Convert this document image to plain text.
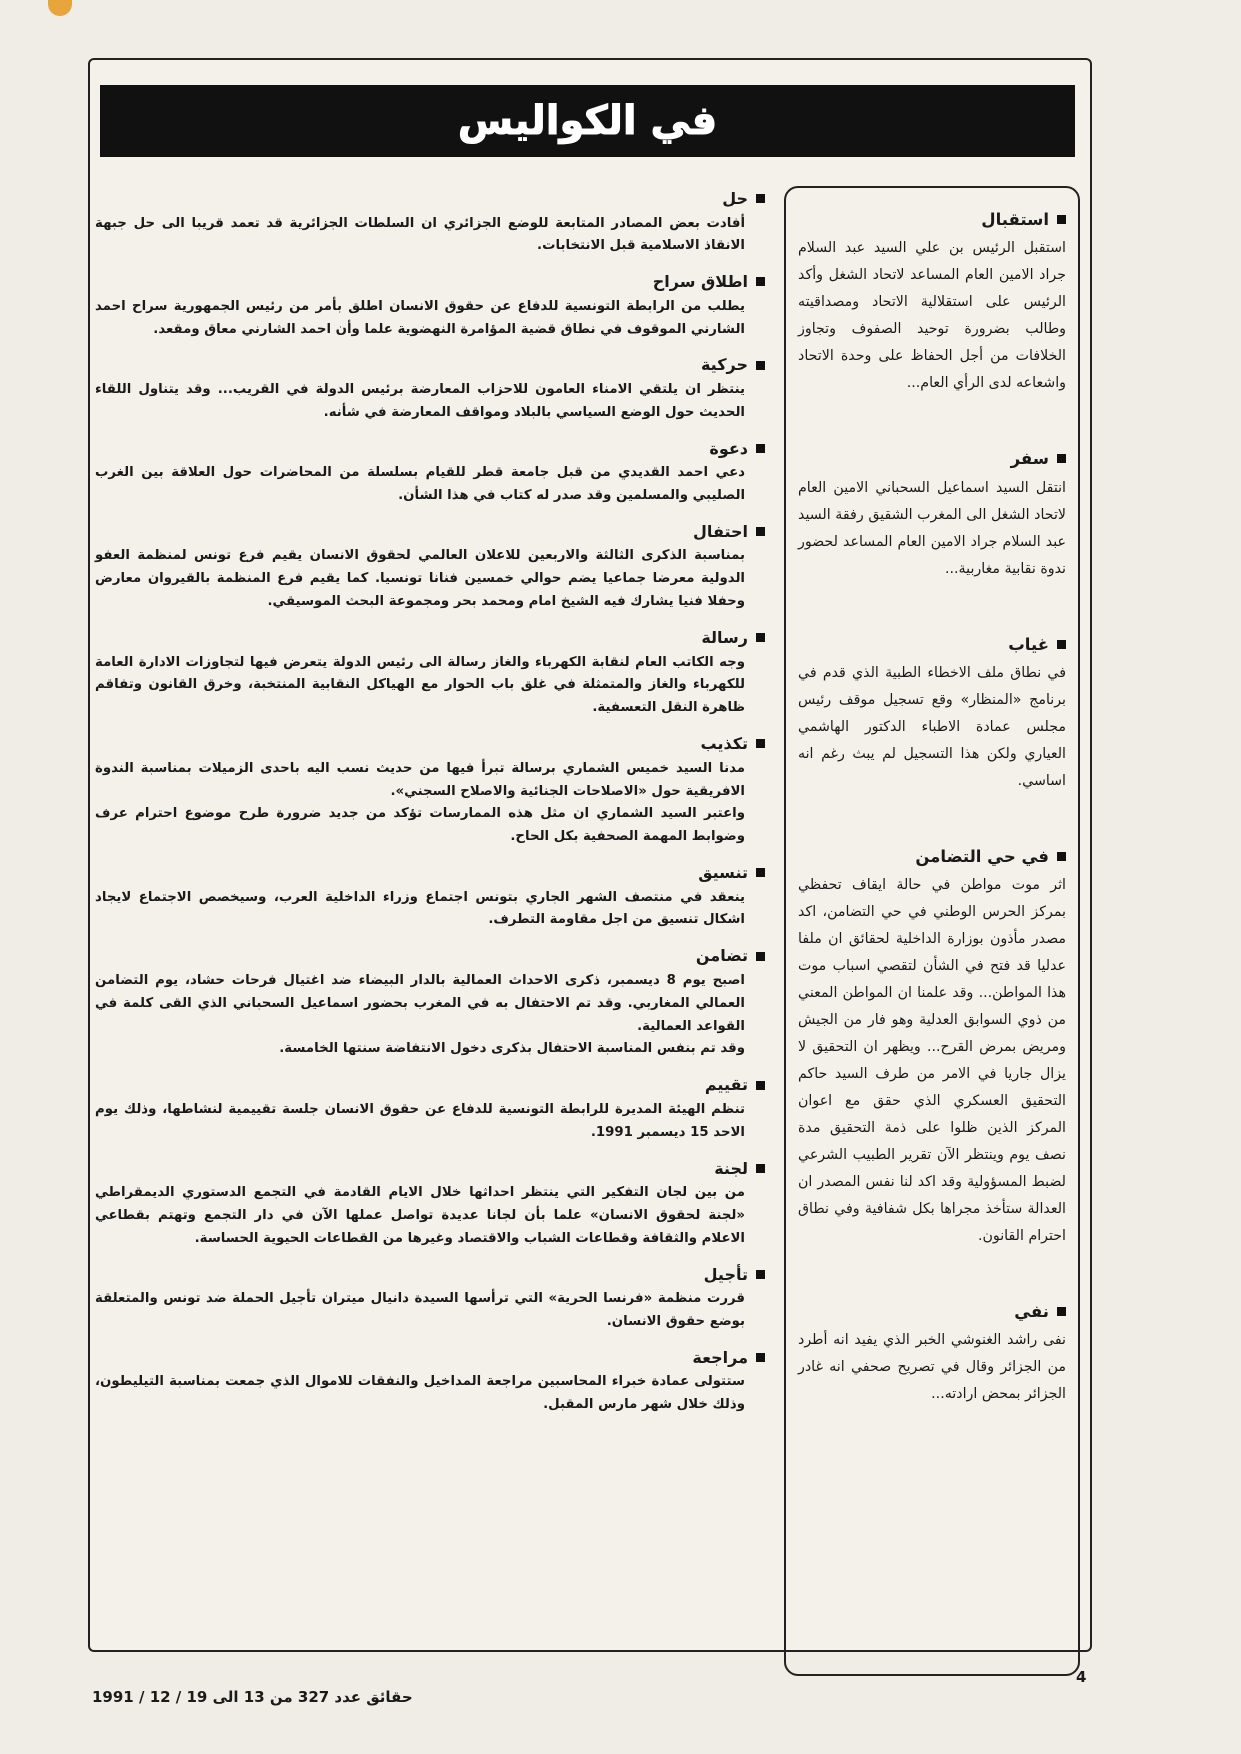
في الكواليس
حل

أفادت بعض المصادر المتابعة للوضع الجزائري ان السلطات الجزائرية قد تعمد قريبا الى حل جبهة الانقاذ الاسلامية قبل الانتخابات.

اطلاق سراح

يطلب من الرابطة التونسية للدفاع عن حقوق الانسان اطلق بأمر من رئيس الجمهورية سراح احمد الشارني الموقوف في نطاق قضية المؤامرة النهضوية علما وأن احمد الشارني معاق ومقعد.

حركية

ينتظر ان يلتقي الامناء العامون للاحزاب المعارضة برئيس الدولة في القريب... وقد يتناول اللقاء الحديث حول الوضع السياسي بالبلاد ومواقف المعارضة في شأنه.

دعوة

دعي احمد القديدي من قبل جامعة قطر للقيام بسلسلة من المحاضرات حول العلاقة بين الغرب الصليبي والمسلمين وقد صدر له كتاب في هذا الشأن.

احتفال

بمناسبة الذكرى الثالثة والاربعين للاعلان العالمي لحقوق الانسان يقيم فرع تونس لمنظمة العفو الدولية معرضا جماعيا يضم حوالي خمسين فنانا تونسيا. كما يقيم فرع المنظمة بالقيروان معارض وحفلا فنيا يشارك فيه الشيخ امام ومحمد بحر ومجموعة البحث الموسيقي.

رسالة

وجه الكاتب العام لنقابة الكهرباء والغاز رسالة الى رئيس الدولة يتعرض فيها لتجاوزات الادارة العامة للكهرباء والغاز والمتمثلة في غلق باب الحوار مع الهياكل النقابية المنتخبة، وخرق القانون وتفاقم ظاهرة النقل التعسفية.

تكذيب

مدنا السيد خميس الشماري برسالة تبرأ فيها من حديث نسب اليه باحدى الزميلات بمناسبة الندوة الافريقية حول «الاصلاحات الجنائية والاصلاح السجني».

واعتبر السيد الشماري ان مثل هذه الممارسات تؤكد من جديد ضرورة طرح موضوع احترام عرف وضوابط المهمة الصحفية بكل الحاح.

تنسيق

ينعقد في منتصف الشهر الجاري بتونس اجتماع وزراء الداخلية العرب، وسيخصص الاجتماع لايجاد اشكال تنسيق من اجل مقاومة التطرف.

تضامن

اصبح يوم 8 ديسمبر، ذكرى الاحداث العمالية بالدار البيضاء ضد اغتيال فرحات حشاد، يوم التضامن العمالي المغاربي. وقد تم الاحتفال به في المغرب بحضور اسماعيل السحباني الذي القى كلمة في القواعد العمالية.

وقد تم بنفس المناسبة الاحتفال بذكرى دخول الانتفاضة سنتها الخامسة.

تقييم

تنظم الهيئة المديرة للرابطة التونسية للدفاع عن حقوق الانسان جلسة تقييمية لنشاطها، وذلك يوم الاحد 15 ديسمبر 1991.

لجنة

من بين لجان التفكير التي ينتظر احداثها خلال الايام القادمة في التجمع الدستوري الديمقراطي «لجنة لحقوق الانسان» علما بأن لجانا عديدة تواصل عملها الآن في دار التجمع وتهتم بقطاعي الاعلام والثقافة وقطاعات الشباب والاقتصاد وغيرها من القطاعات الحيوية الحساسة.

تأجيل

قررت منظمة «فرنسا الحرية» التي ترأسها السيدة دانيال ميتران تأجيل الحملة ضد تونس والمتعلقة بوضع حقوق الانسان.

مراجعة

ستتولى عمادة خبراء المحاسبين مراجعة المداخيل والنفقات للاموال الذي جمعت بمناسبة التيليطون، وذلك خلال شهر مارس المقبل.

استقبال

استقبل الرئيس بن علي السيد عبد السلام جراد الامين العام المساعد لاتحاد الشغل وأكد الرئيس على استقلالية الاتحاد ومصداقيته وطالب بضرورة توحيد الصفوف وتجاوز الخلافات من أجل الحفاظ على وحدة الاتحاد واشعاعه لدى الرأي العام...

سفر

انتقل السيد اسماعيل السحباني الامين العام لاتحاد الشغل الى المغرب الشقيق رفقة السيد عبد السلام جراد الامين العام المساعد لحضور ندوة نقابية مغاربية...

غياب

في نطاق ملف الاخطاء الطبية الذي قدم في برنامج «المنظار» وقع تسجيل موقف رئيس مجلس عمادة الاطباء الدكتور الهاشمي العياري ولكن هذا التسجيل لم يبث رغم انه اساسي.

في حي التضامن

اثر موت مواطن في حالة ايقاف تحفظي بمركز الحرس الوطني في حي التضامن، اكد مصدر مأذون بوزارة الداخلية لحقائق ان ملفا عدليا قد فتح في الشأن لتقصي اسباب موت هذا المواطن... وقد علمنا ان المواطن المعني من ذوي السوابق العدلية وهو فار من الجيش ومريض بمرض القرح... ويظهر ان التحقيق لا يزال جاريا في الامر من طرف السيد حاكم التحقيق العسكري الذي حقق مع اعوان المركز الذين ظلوا على ذمة التحقيق مدة نصف يوم وينتظر الآن تقرير الطبيب الشرعي لضبط المسؤولية وقد اكد لنا نفس المصدر ان العدالة ستأخذ مجراها بكل شفافية وفي نطاق احترام القانون.

نفي

نفى راشد الغنوشي الخبر الذي يفيد انه أطرد من الجزائر وقال في تصريح صحفي انه غادر الجزائر بمحض ارادته...

4
حقائق عدد 327 من 13 الى 19 / 12 / 1991
